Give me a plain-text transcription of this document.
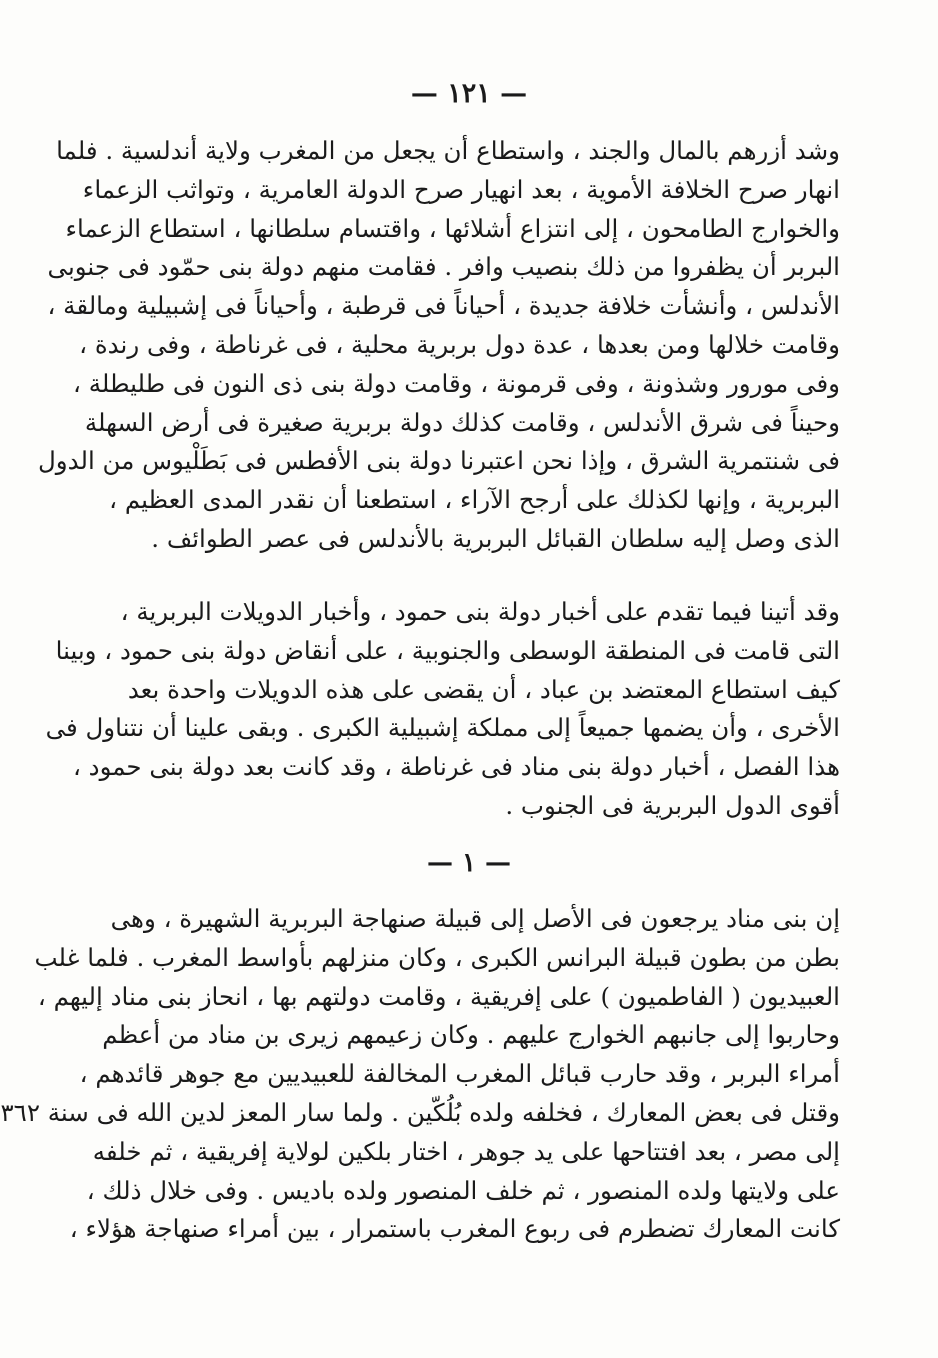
— ١٢١ —
وشد أزرهم بالمال والجند ، واستطاع أن يجعل من المغرب ولاية أندلسية . فلما
انهار صرح الخلافة الأموية ، بعد انهيار صرح الدولة العامرية ، وتواثب الزعماء
والخوارج الطامحون ، إلى انتزاع أشلائها ، واقتسام سلطانها ، استطاع الزعماء
البربر أن يظفروا من ذلك بنصيب وافر . فقامت منهم دولة بنى حمّود فى جنوبى
الأندلس ، وأنشأت خلافة جديدة ، أحياناً فى قرطبة ، وأحياناً فى إشبيلية ومالقة ،
وقامت خلالها ومن بعدها ، عدة دول بربرية محلية ، فى غرناطة ، وفى رندة ،
وفى مورور وشذونة ، وفى قرمونة ، وقامت دولة بنى ذى النون فى طليطلة ،
وحيناً فى شرق الأندلس ، وقامت كذلك دولة بربرية صغيرة فى أرض السهلة
فى شنتمرية الشرق ، وإذا نحن اعتبرنا دولة بنى الأفطس فى بَطَلْيوس من الدول
البربرية ، وإنها لكذلك على أرجح الآراء ، استطعنا أن نقدر المدى العظيم ،
الذى وصل إليه سلطان القبائل البربرية بالأندلس فى عصر الطوائف .
وقد أتينا فيما تقدم على أخبار دولة بنى حمود ، وأخبار الدويلات البربرية ،
التى قامت فى المنطقة الوسطى والجنوبية ، على أنقاض دولة بنى حمود ، وبينا
كيف استطاع المعتضد بن عباد ، أن يقضى على هذه الدويلات واحدة بعد
الأخرى ، وأن يضمها جميعاً إلى مملكة إشبيلية الكبرى . وبقى علينا أن نتناول فى
هذا الفصل ، أخبار دولة بنى مناد فى غرناطة ، وقد كانت بعد دولة بنى حمود ،
أقوى الدول البربرية فى الجنوب .
— ١ —
إن بنى مناد يرجعون فى الأصل إلى قبيلة صنهاجة البربرية الشهيرة ، وهى
بطن من بطون قبيلة البرانس الكبرى ، وكان منزلهم بأواسط المغرب . فلما غلب
العبيديون ( الفاطميون ) على إفريقية ، وقامت دولتهم بها ، انحاز بنى مناد إليهم ،
وحاربوا إلى جانبهم الخوارج عليهم . وكان زعيمهم زيرى بن مناد من أعظم
أمراء البربر ، وقد حارب قبائل المغرب المخالفة للعبيديين مع جوهر قائدهم ،
وقتل فى بعض المعارك ، فخلفه ولده بُلُكّين . ولما سار المعز لدين الله فى سنة ٣٦٢
إلى مصر ، بعد افتتاحها على يد جوهر ، اختار بلكين لولاية إفريقية ، ثم خلفه
على ولايتها ولده المنصور ، ثم خلف المنصور ولده باديس . وفى خلال ذلك ،
كانت المعارك تضطرم فى ربوع المغرب باستمرار ، بين أمراء صنهاجة هؤلاء ،
